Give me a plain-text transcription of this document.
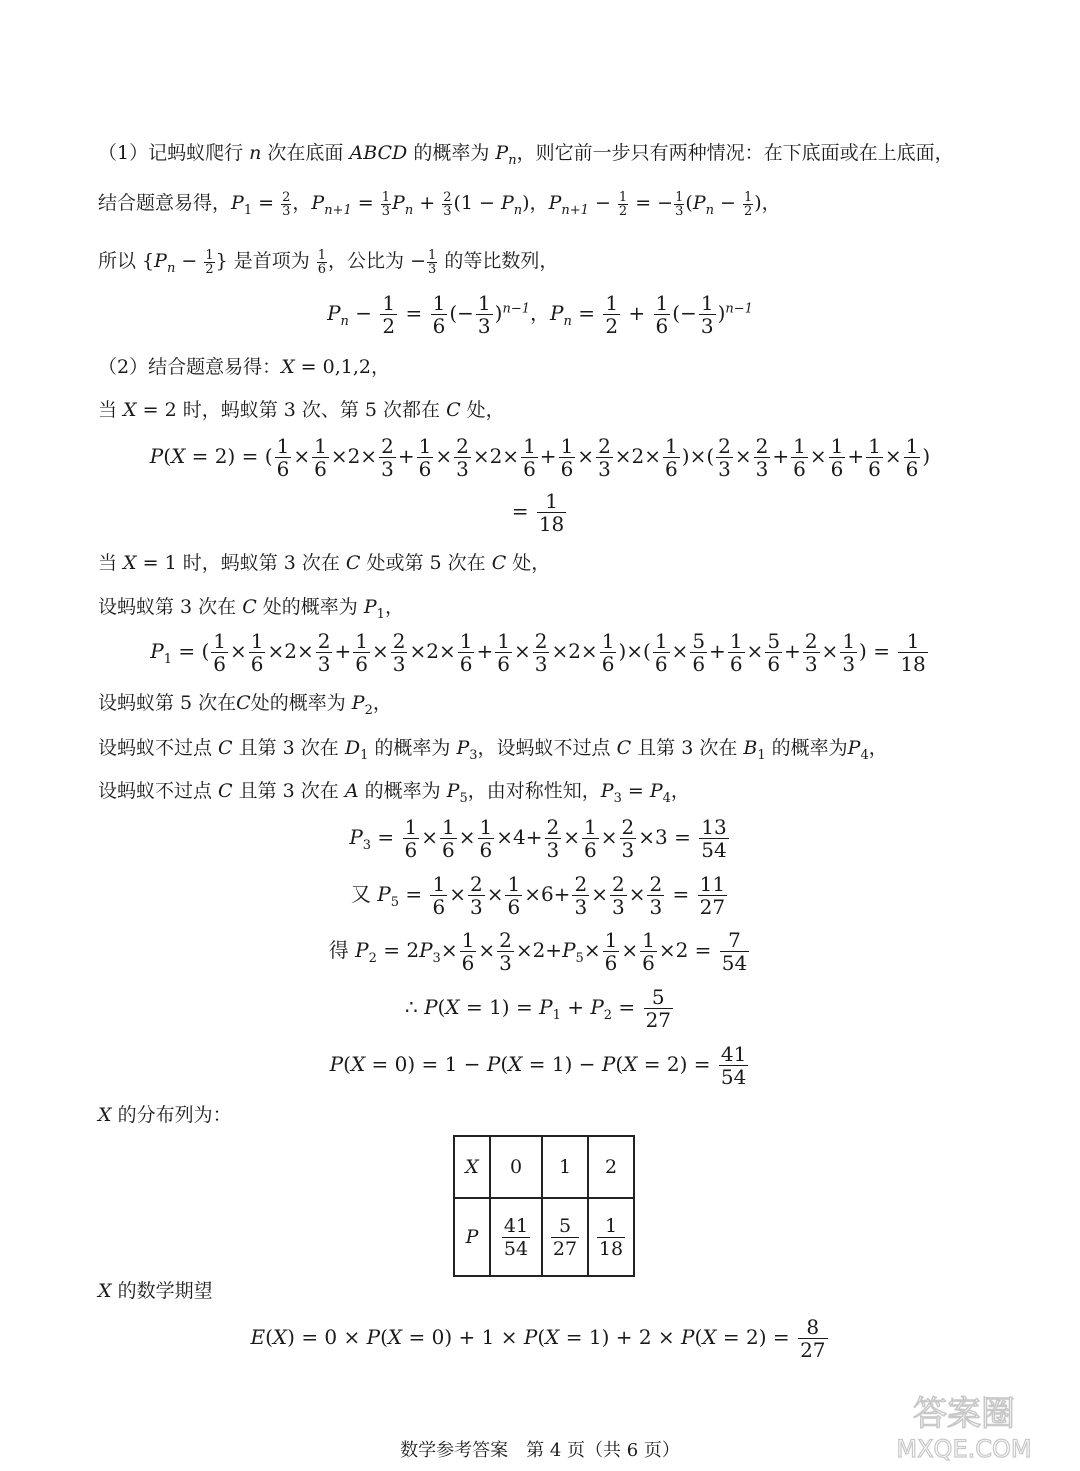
（1）记蚂蚁爬行 n 次在底面 ABCD 的概率为 $P_n$，则它前一步只有两种情况：在下底面或在上底面，
结合题意易得，$P_1 = \frac{2}{3}$ ，$P_{n+1} = \frac{1}{3} P_n + \frac{2}{3} (1 - P_n)$，$P_{n+1} - \frac{1}{2}$ = − $\frac{1}{3} (P_n - \frac{1}{2}$ )，
所以 {$P_n - \frac{1}{2}$ } 是首项为 $\frac{1}{6}$ ，公比为 − $\frac{1}{3}$ 的等比数列，
$P_n - \frac{1}{2} = \frac{1}{6}$ (− $\frac{1}{3} )^{n-1}$，$P_n = \frac{1}{2} + \frac{1}{6}$ (− $\frac{1}{3} )^{n-1}$
（2）结合题意易得：X = 0,1,2，
当 X = 2 时，蚂蚁第 3 次、第 5 次都在 C 处，
P(X = 2) = ( $\frac{1}{6} \times \frac{1}{6} \times 2\times \frac{2}{3} + \frac{1}{6} \times \frac{2}{3} \times 2\times \frac{1}{6} + \frac{1}{6} \times \frac{2}{3} \times 2\times \frac{1}{6}$ )×( $\frac{2}{3} \times \frac{2}{3} + \frac{1}{6} \times \frac{1}{6} + \frac{1}{6} \times \frac{1}{6}$ )
= $\frac{1}{18}$
当 X = 1 时，蚂蚁第 3 次在 C 处或第 5 次在 C 处，
设蚂蚁第 3 次在 C 处的概率为 $P_1$，
$P_1$ = ( $\frac{1}{6} \times \frac{1}{6} \times 2\times \frac{2}{3} + \frac{1}{6} \times \frac{2}{3} \times 2\times \frac{1}{6} + \frac{1}{6} \times \frac{2}{3} \times 2\times \frac{1}{6}$ )×( $\frac{1}{6} \times \frac{5}{6} + \frac{1}{6} \times \frac{5}{6} + \frac{2}{3} \times \frac{1}{3}$ ) = $\frac{1}{18}$
设蚂蚁第 5 次在C处的概率为 $P_2$，
设蚂蚁不过点 C 且第 3 次在 $D_1$ 的概率为 $P_3$，设蚂蚁不过点 C 且第 3 次在 $B_1$ 的概率为$P_4$，
设蚂蚁不过点 C 且第 3 次在 A 的概率为 $P_5$，由对称性知，$P_3 = P_4$，
$P_3 = \frac{1}{6} \times \frac{1}{6} \times \frac{1}{6} \times 4+ \frac{2}{3} \times \frac{1}{6} \times \frac{2}{3} \times 3 = \frac{13}{54}$
又 $P_5 = \frac{1}{6} \times \frac{2}{3} \times \frac{1}{6} \times 6+ \frac{2}{3} \times \frac{2}{3} \times \frac{2}{3} = \frac{11}{27}$
得 $P_2 = 2P_3\times \frac{1}{6} \times \frac{2}{3} \times 2+P_5\times \frac{1}{6} \times \frac{1}{6} \times 2 = \frac{7}{54}$
∴ $P(X = 1) = P_1 + P_2 = \frac{5}{27}$
$P(X = 0) = 1 - P(X = 1) - P(X = 2) = \frac{41}{54}$
X 的分布列为：
X	0	1	2
P	$\frac{41}{54}$	$\frac{5}{27}$	$\frac{1}{18}$
X 的数学期望
$E(X) = 0 \times P(X = 0) + 1 \times P(X = 1) + 2 \times P(X = 2) = \frac{8}{27}$
数学参考答案　第 4 页（共 6 页）
答案圈
MXQE.COM
